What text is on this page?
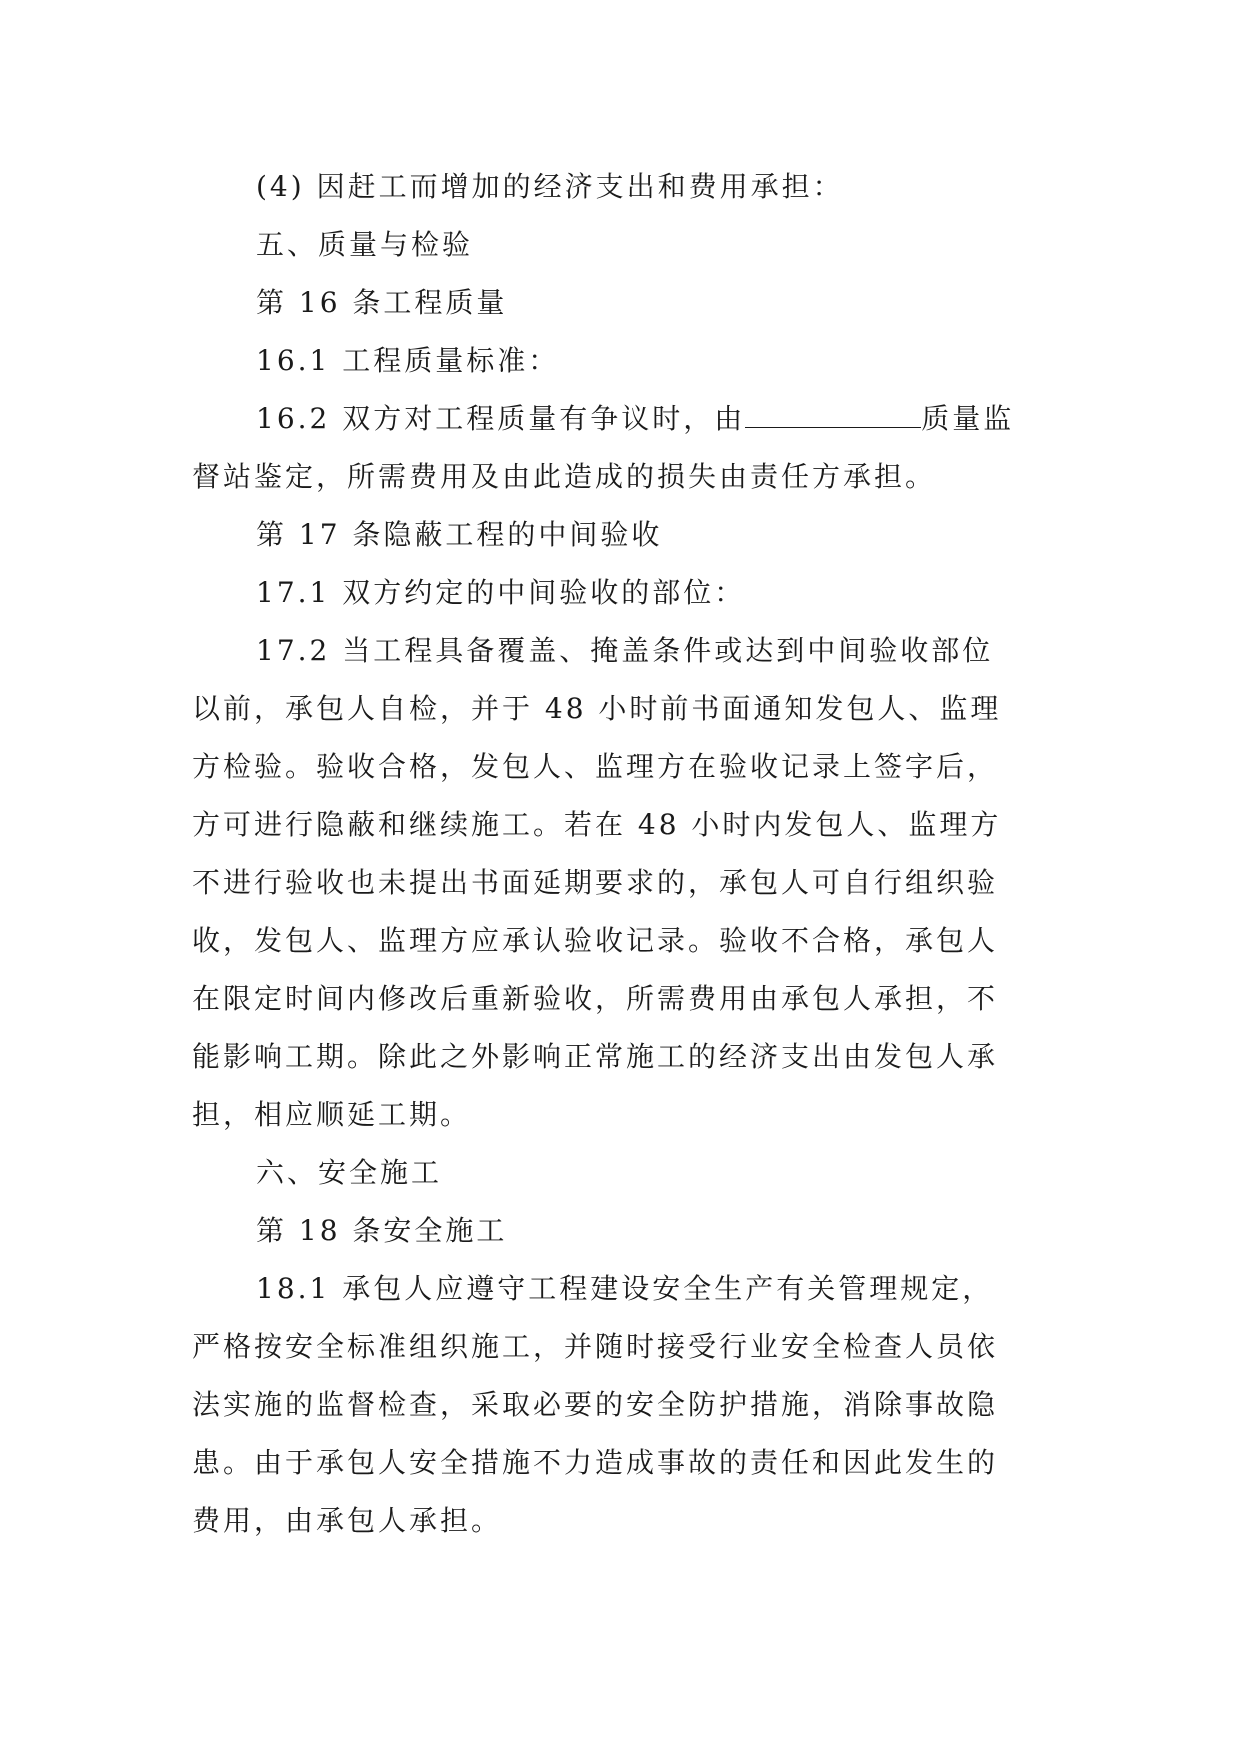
(4) 因赶工而增加的经济支出和费用承担：
五、质量与检验
第 16 条工程质量
16.1 工程质量标准：
16.2 双方对工程质量有争议时，由	质量监
督站鉴定，所需费用及由此造成的损失由责任方承担。
第 17 条隐蔽工程的中间验收
17.1 双方约定的中间验收的部位：
17.2 当工程具备覆盖、掩盖条件或达到中间验收部位
以前，承包人自检，并于 48 小时前书面通知发包人、监理
方检验。验收合格，发包人、监理方在验收记录上签字后，
方可进行隐蔽和继续施工。若在 48 小时内发包人、监理方
不进行验收也未提出书面延期要求的，承包人可自行组织验
收，发包人、监理方应承认验收记录。验收不合格，承包人
在限定时间内修改后重新验收，所需费用由承包人承担，不
能影响工期。除此之外影响正常施工的经济支出由发包人承
担，相应顺延工期。
六、安全施工
第 18 条安全施工
18.1 承包人应遵守工程建设安全生产有关管理规定，
严格按安全标准组织施工，并随时接受行业安全检查人员依
法实施的监督检查，采取必要的安全防护措施，消除事故隐
患。由于承包人安全措施不力造成事故的责任和因此发生的
费用，由承包人承担。
